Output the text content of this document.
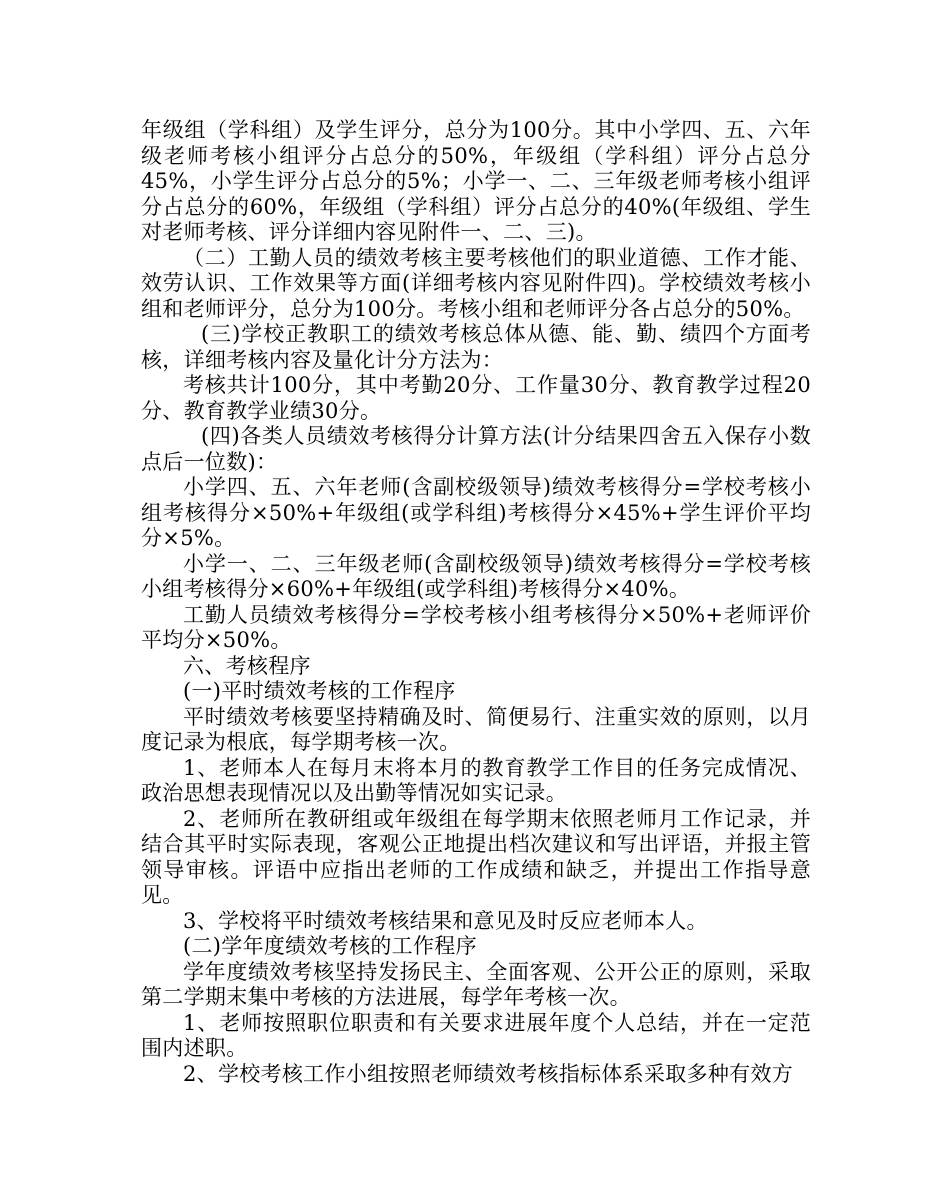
年级组（学科组）及学生评分，总分为100分。其中小学四、五、六年级老师考核小组评分占总分的50%，年级组（学科组）评分占总分45%，小学生评分占总分的5%；小学一、二、三年级老师考核小组评分占总分的60%，年级组（学科组）评分占总分的40%(年级组、学生对老师考核、评分详细内容见附件一、二、三)。

（二）工勤人员的绩效考核主要考核他们的职业道德、工作才能、效劳认识、工作效果等方面(详细考核内容见附件四)。学校绩效考核小组和老师评分，总分为100分。考核小组和老师评分各占总分的50%。

(三)学校正教职工的绩效考核总体从德、能、勤、绩四个方面考核，详细考核内容及量化计分方法为：

考核共计100分，其中考勤20分、工作量30分、教育教学过程20分、教育教学业绩30分。

(四)各类人员绩效考核得分计算方法(计分结果四舍五入保存小数点后一位数)：

小学四、五、六年老师(含副校级领导)绩效考核得分=学校考核小组考核得分×50%+年级组(或学科组)考核得分×45%+学生评价平均分×5%。

小学一、二、三年级老师(含副校级领导)绩效考核得分=学校考核小组考核得分×60%+年级组(或学科组)考核得分×40%。

工勤人员绩效考核得分=学校考核小组考核得分×50%+老师评价平均分×50%。

六、考核程序

(一)平时绩效考核的工作程序

平时绩效考核要坚持精确及时、简便易行、注重实效的原则，以月度记录为根底，每学期考核一次。

1、老师本人在每月末将本月的教育教学工作目的任务完成情况、政治思想表现情况以及出勤等情况如实记录。

2、老师所在教研组或年级组在每学期末依照老师月工作记录，并结合其平时实际表现，客观公正地提出档次建议和写出评语，并报主管领导审核。评语中应指出老师的工作成绩和缺乏，并提出工作指导意见。

3、学校将平时绩效考核结果和意见及时反应老师本人。

(二)学年度绩效考核的工作程序

学年度绩效考核坚持发扬民主、全面客观、公开公正的原则，采取第二学期末集中考核的方法进展，每学年考核一次。

1、老师按照职位职责和有关要求进展年度个人总结，并在一定范围内述职。

2、学校考核工作小组按照老师绩效考核指标体系采取多种有效方
